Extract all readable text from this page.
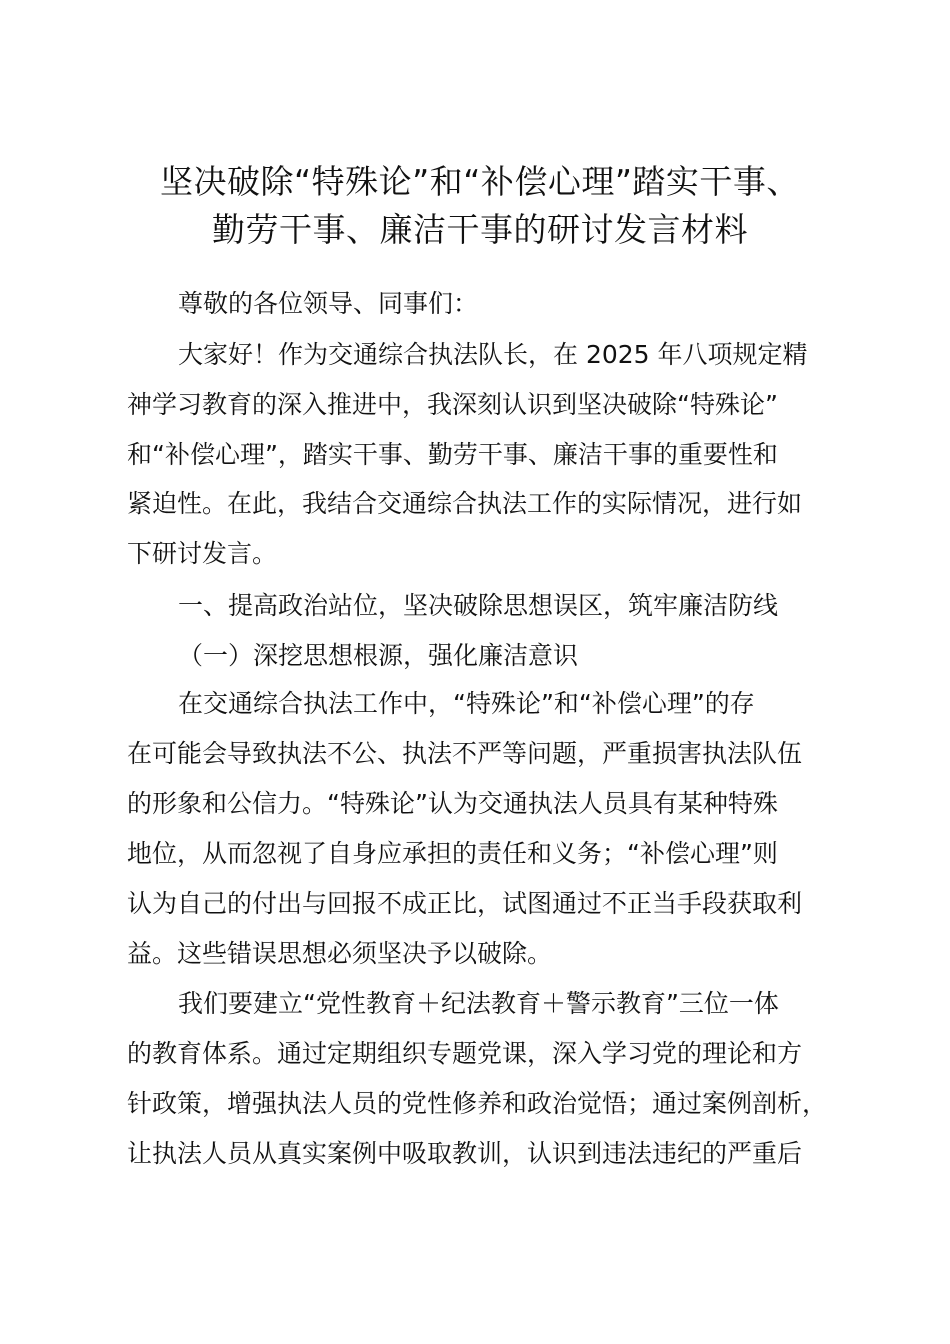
坚决破除“特殊论”和“补偿心理”踏实干事、
勤劳干事、廉洁干事的研讨发言材料
尊敬的各位领导、同事们：
大家好！作为交通综合执法队长，在 2025 年八项规定精
神学习教育的深入推进中，我深刻认识到坚决破除“特殊论”
和“补偿心理”，踏实干事、勤劳干事、廉洁干事的重要性和
紧迫性。在此，我结合交通综合执法工作的实际情况，进行如
下研讨发言。
一、提高政治站位，坚决破除思想误区，筑牢廉洁防线
（一）深挖思想根源，强化廉洁意识
在交通综合执法工作中，“特殊论”和“补偿心理”的存
在可能会导致执法不公、执法不严等问题，严重损害执法队伍
的形象和公信力。“特殊论”认为交通执法人员具有某种特殊
地位，从而忽视了自身应承担的责任和义务；“补偿心理”则
认为自己的付出与回报不成正比，试图通过不正当手段获取利
益。这些错误思想必须坚决予以破除。
我们要建立“党性教育＋纪法教育＋警示教育”三位一体
的教育体系。通过定期组织专题党课，深入学习党的理论和方
针政策，增强执法人员的党性修养和政治觉悟；通过案例剖析，
让执法人员从真实案例中吸取教训，认识到违法违纪的严重后
